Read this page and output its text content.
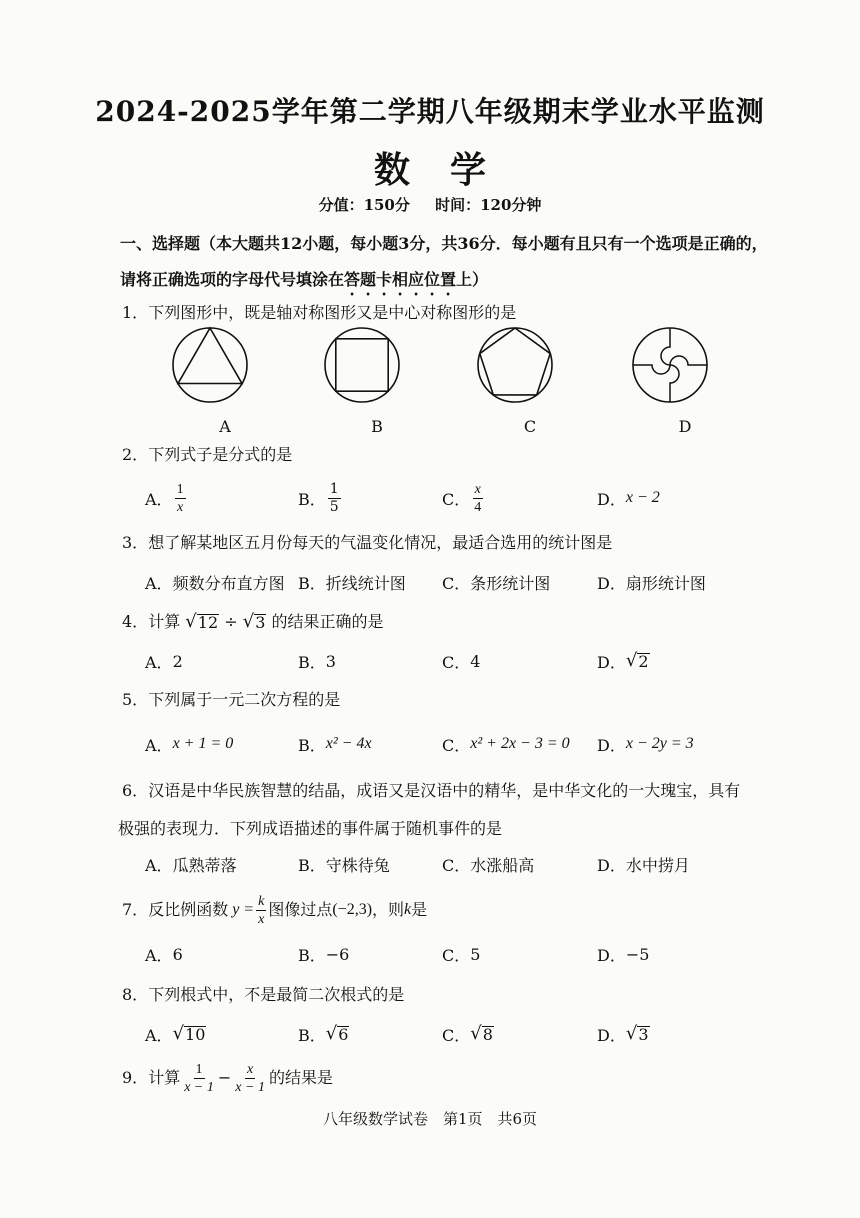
2024-2025学年第二学期八年级期末学业水平监测
数学
分值：150分 时间：120分钟
一、选择题（本大题共12小题，每小题3分，共36分．每小题有且只有一个选项是正确的，请将正确选项的字母代号填涂在答题卡相应位置上）
1．下列图形中，既是轴对称图形又是中心对称图形的是
A	B	C	D
2．下列式子是分式的是
A． $\frac{1}{x}$	B． $\frac{1}{5}$	C． $\frac{x}{4}$	D． x − 2
3．想了解某地区五月份每天的气温变化情况，最适合选用的统计图是
A． 频数分布直方图 B． 折线统计图 C． 条形统计图	D． 扇形统计图
4．计算 √ 12 ÷ √ 3 的结果正确的是
A． 2	B． 3	C． 4	D． √ 2
5．下列属于一元二次方程的是
A． x + 1 = 0	B． x² − 4x	C． x² + 2x − 3 = 0 D． x − 2y = 3
6．汉语是中华民族智慧的结晶，成语又是汉语中的精华，是中华文化的一大瑰宝，具有
极强的表现力．下列成语描述的事件属于随机事件的是
A． 瓜熟蒂落	B． 守株待兔	C． 水涨船高	D． 水中捞月
7． 反比例函数 $y = \frac{k}{x}$ 图像过点 (−2,3) ，则 k 是
A． 6	B． −6	C． 5	D． −5
8．下列根式中，不是最简二次根式的是
A． √ 10	B． √ 6	C． √ 8	D． √ 3
9． 计算 $\frac{1}{x - 1} - \frac{x}{x - 1}$ 的结果是
八年级数学试卷　第1页　共6页
